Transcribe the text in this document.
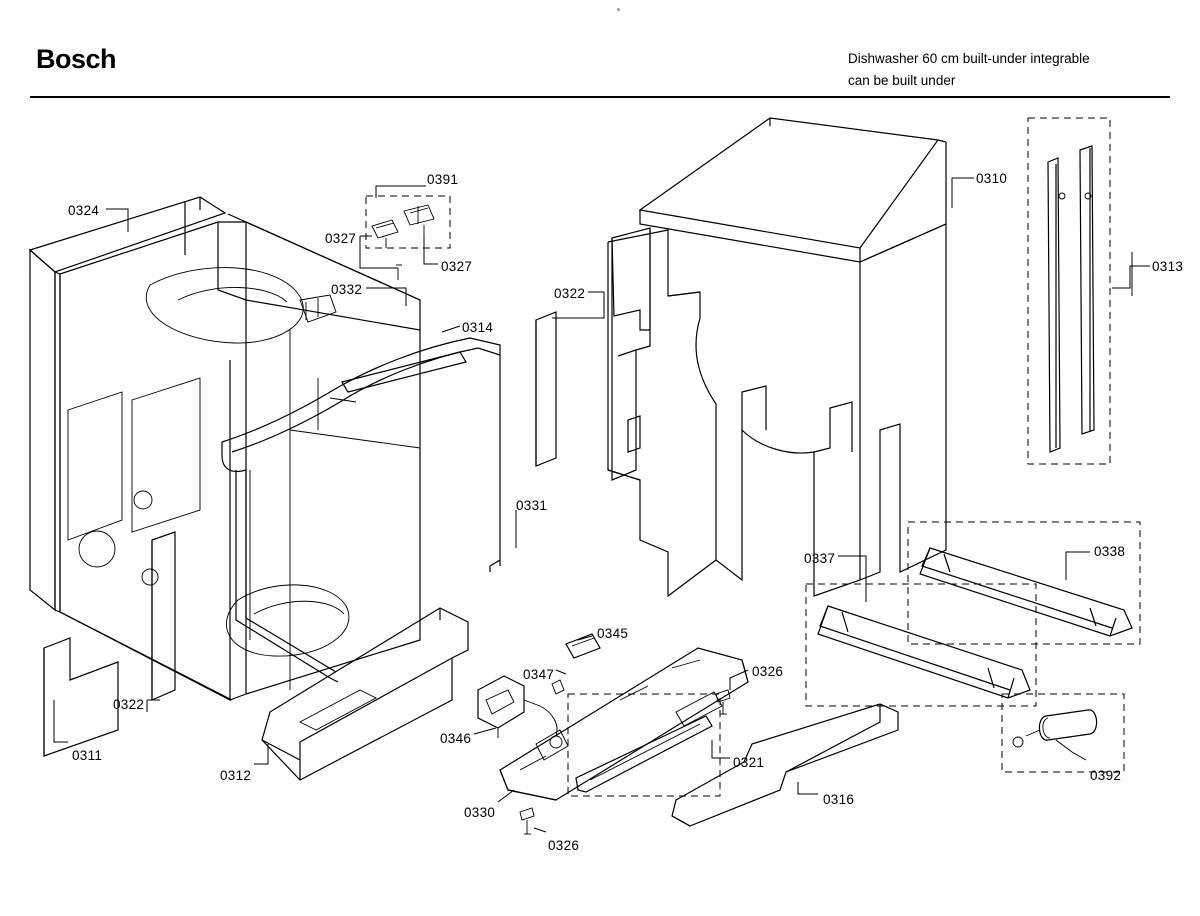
Bosch	Dishwasher 60 cm built-under integrable
can be built under
0324
0391
0327
0327
0332
0314
0322
0310
0313
0331
0322
0311
0312
0337	0338
0345
0347	0326
0346
0321
0316
0330
0326
0392
